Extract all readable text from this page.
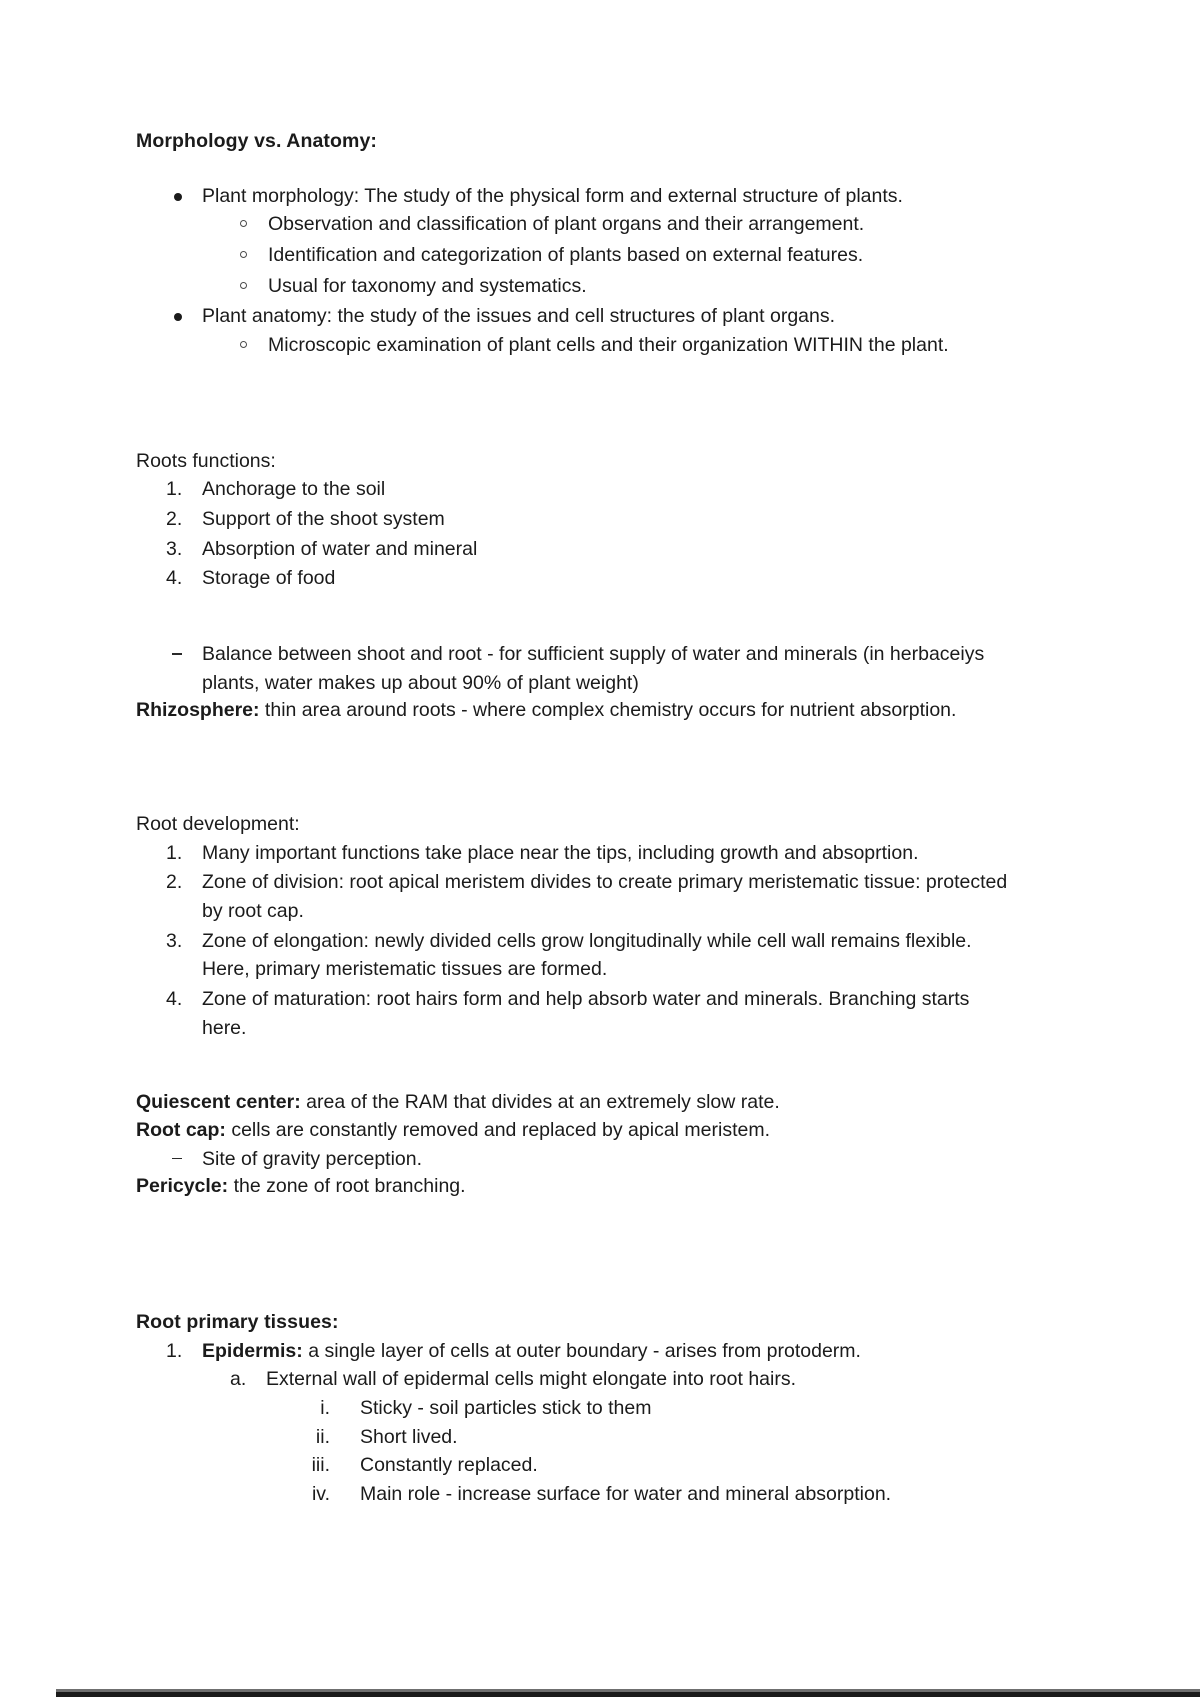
Morphology vs. Anatomy:
Plant morphology: The study of the physical form and external structure of plants.
Observation and classification of plant organs and their arrangement.
Identification and categorization of plants based on external features.
Usual for taxonomy and systematics.
Plant anatomy: the study of the issues and cell structures of plant organs.
Microscopic examination of plant cells and their organization WITHIN the plant.
Roots functions:
Anchorage to the soil
Support of the shoot system
Absorption of water and mineral
Storage of food
Balance between shoot and root - for sufficient supply of water and minerals (in herbaceiys plants, water makes up about 90% of plant weight)
Rhizosphere: thin area around roots - where complex chemistry occurs for nutrient absorption.
Root development:
Many important functions take place near the tips, including growth and absoprtion.
Zone of division: root apical meristem divides to create primary meristematic tissue: protected by root cap.
Zone of elongation: newly divided cells grow longitudinally while cell wall remains flexible. Here, primary meristematic tissues are formed.
Zone of maturation: root hairs form and help absorb water and minerals. Branching starts here.
Quiescent center: area of the RAM that divides at an extremely slow rate.
Root cap: cells are constantly removed and replaced by apical meristem.
Site of gravity perception.
Pericycle: the zone of root branching.
Root primary tissues:
Epidermis: a single layer of cells at outer boundary - arises from protoderm.
External wall of epidermal cells might elongate into root hairs.
Sticky - soil particles stick to them
Short lived.
Constantly replaced.
Main role - increase surface for water and mineral absorption.
